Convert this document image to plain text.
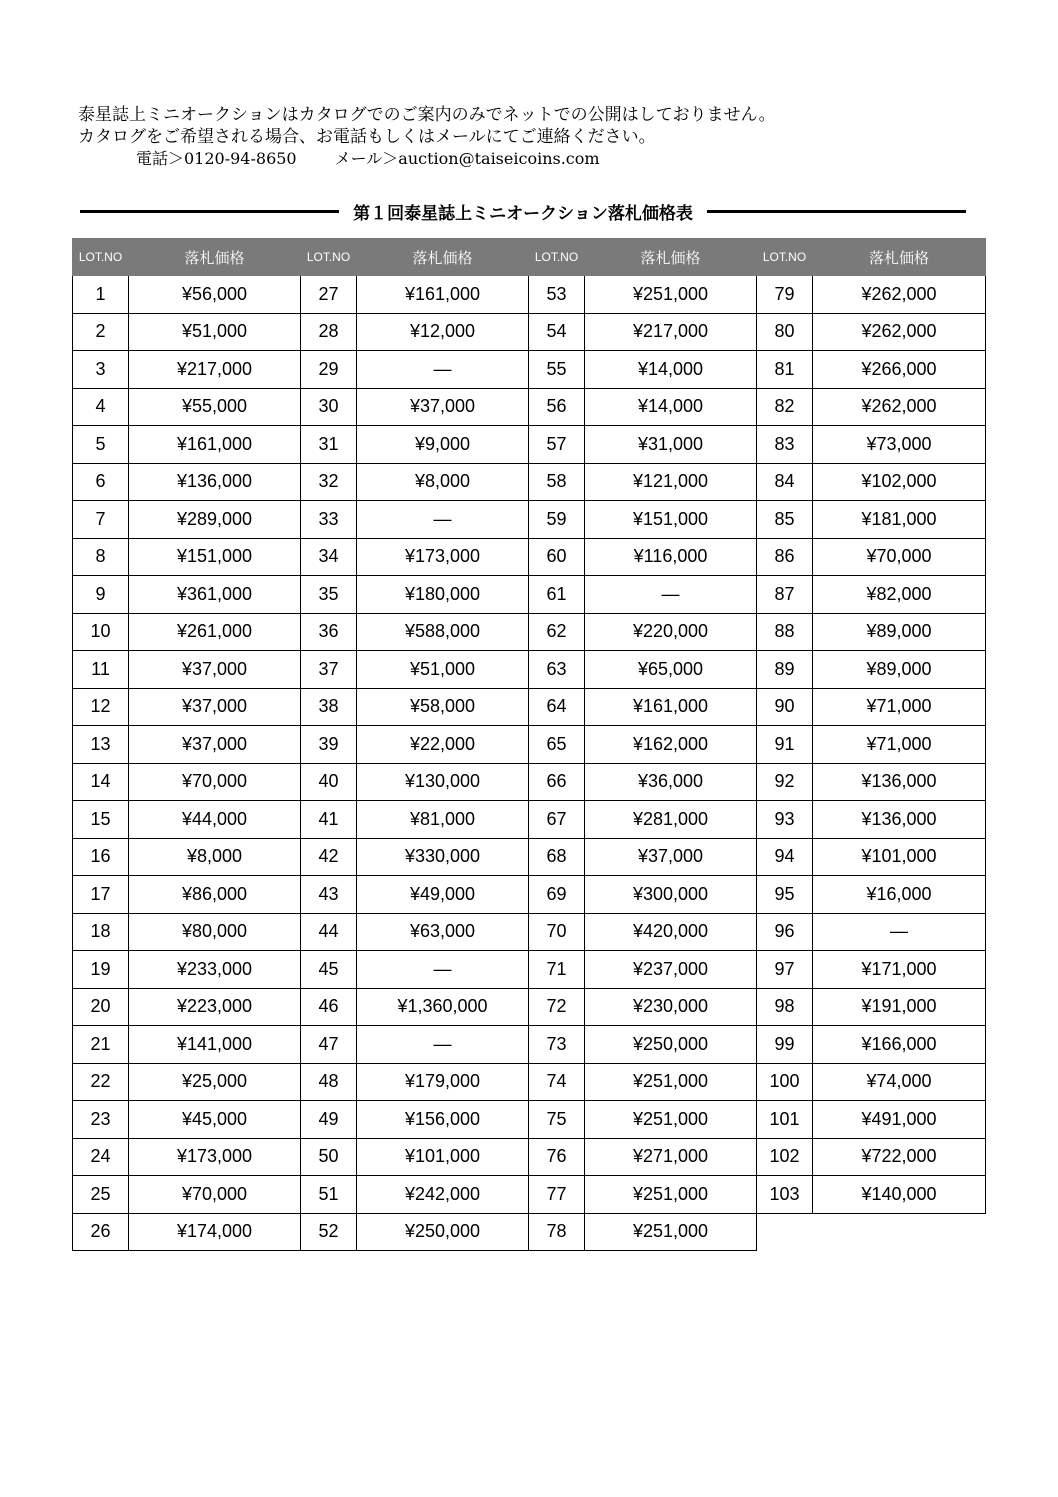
泰星誌上ミニオークションはカタログでのご案内のみでネットでの公開はしておりません。
カタログをご希望される場合、お電話もしくはメールにてご連絡ください。
電話＞0120-94-8650 メール＞auction@taiseicoins.com
第１回泰星誌上ミニオークション落札価格表
LOT.NO	落札価格	LOT.NO	落札価格	LOT.NO	落札価格	LOT.NO	落札価格
1	¥56,000	27	¥161,000	53	¥251,000	79	¥262,000
2	¥51,000	28	¥12,000	54	¥217,000	80	¥262,000
3	¥217,000	29	—	55	¥14,000	81	¥266,000
4	¥55,000	30	¥37,000	56	¥14,000	82	¥262,000
5	¥161,000	31	¥9,000	57	¥31,000	83	¥73,000
6	¥136,000	32	¥8,000	58	¥121,000	84	¥102,000
7	¥289,000	33	—	59	¥151,000	85	¥181,000
8	¥151,000	34	¥173,000	60	¥116,000	86	¥70,000
9	¥361,000	35	¥180,000	61	—	87	¥82,000
10	¥261,000	36	¥588,000	62	¥220,000	88	¥89,000
11	¥37,000	37	¥51,000	63	¥65,000	89	¥89,000
12	¥37,000	38	¥58,000	64	¥161,000	90	¥71,000
13	¥37,000	39	¥22,000	65	¥162,000	91	¥71,000
14	¥70,000	40	¥130,000	66	¥36,000	92	¥136,000
15	¥44,000	41	¥81,000	67	¥281,000	93	¥136,000
16	¥8,000	42	¥330,000	68	¥37,000	94	¥101,000
17	¥86,000	43	¥49,000	69	¥300,000	95	¥16,000
18	¥80,000	44	¥63,000	70	¥420,000	96	—
19	¥233,000	45	—	71	¥237,000	97	¥171,000
20	¥223,000	46	¥1,360,000	72	¥230,000	98	¥191,000
21	¥141,000	47	—	73	¥250,000	99	¥166,000
22	¥25,000	48	¥179,000	74	¥251,000	100	¥74,000
23	¥45,000	49	¥156,000	75	¥251,000	101	¥491,000
24	¥173,000	50	¥101,000	76	¥271,000	102	¥722,000
25	¥70,000	51	¥242,000	77	¥251,000	103	¥140,000
26	¥174,000	52	¥250,000	78	¥251,000		
